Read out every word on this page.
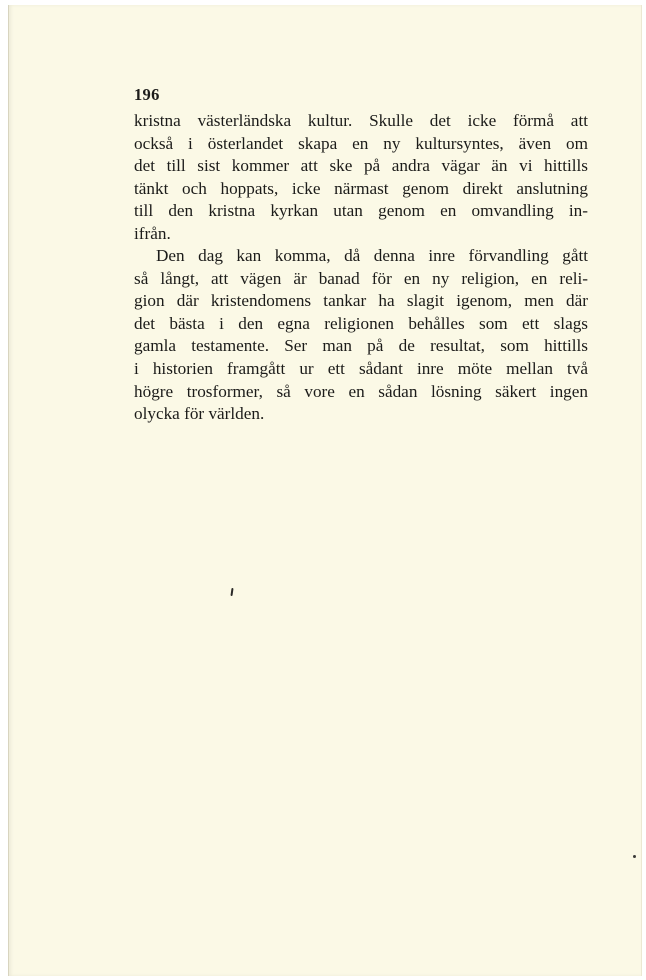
196
kristna västerländska kultur. Skulle det icke förmå att
också i österlandet skapa en ny kultursyntes, även om
det till sist kommer att ske på andra vägar än vi hittills
tänkt och hoppats, icke närmast genom direkt anslutning
till den kristna kyrkan utan genom en omvandling in-
ifrån.
Den dag kan komma, då denna inre förvandling gått
så långt, att vägen är banad för en ny religion, en reli-
gion där kristendomens tankar ha slagit igenom, men där
det bästa i den egna religionen behålles som ett slags
gamla testamente. Ser man på de resultat, som hittills
i historien framgått ur ett sådant inre möte mellan två
högre trosformer, så vore en sådan lösning säkert ingen
olycka för världen.
